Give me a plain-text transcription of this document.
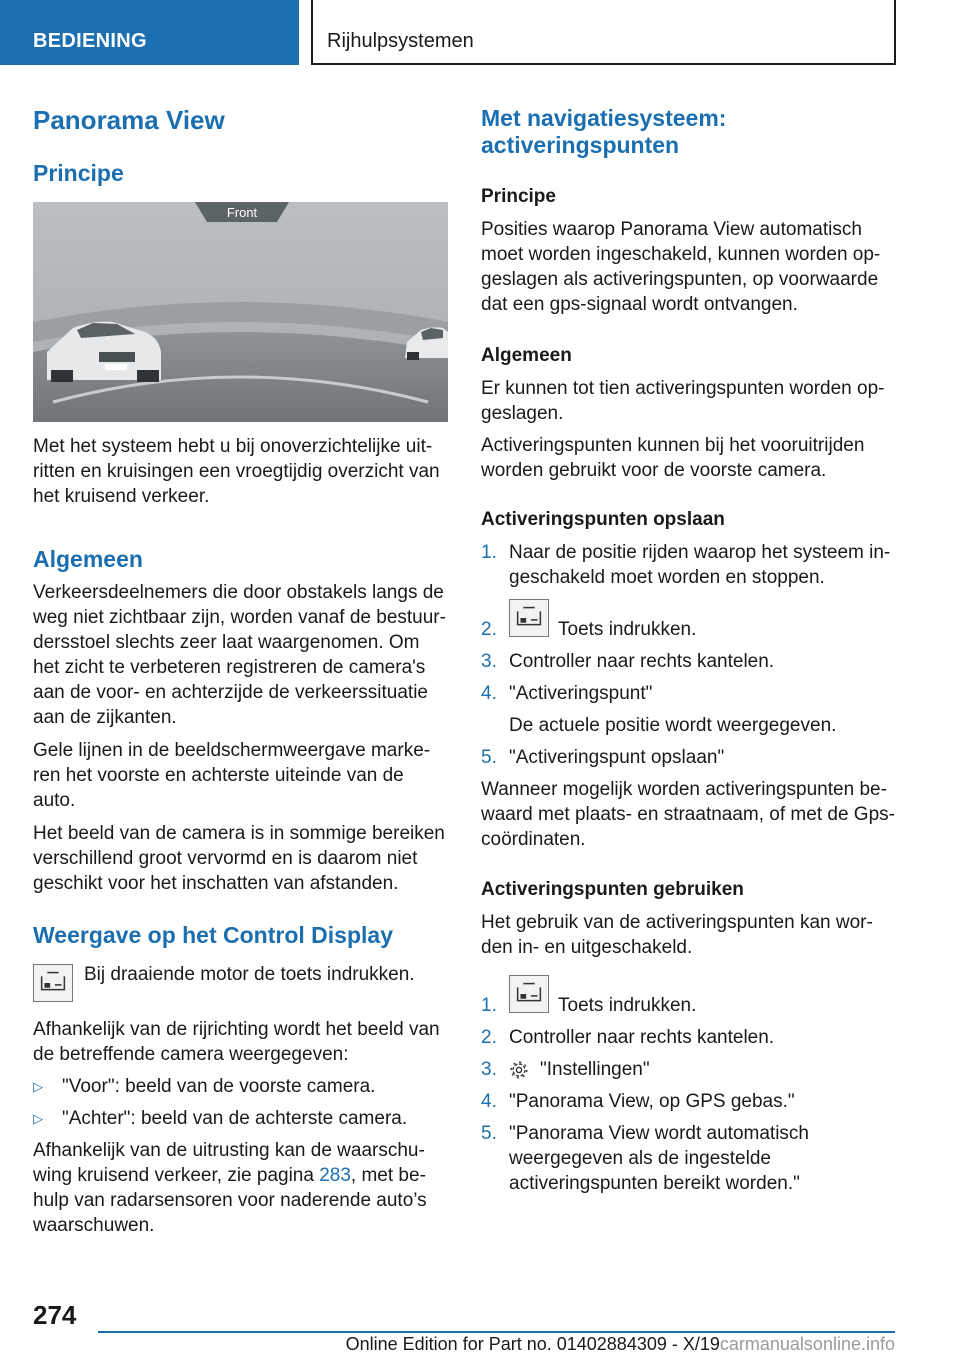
BEDIENING	Rijhulpsystemen
Panorama View
Principe
Front
Met het systeem hebt u bij onoverzichtelijke uit-
ritten en kruisingen een vroegtijdig overzicht van
het kruisend verkeer.
Algemeen
Verkeersdeelnemers die door obstakels langs de
weg niet zichtbaar zijn, worden vanaf de bestuur-
dersstoel slechts zeer laat waargenomen. Om
het zicht te verbeteren registreren de camera's
aan de voor- en achterzijde de verkeerssituatie
aan de zijkanten.
Gele lijnen in de beeldschermweergave marke-
ren het voorste en achterste uiteinde van de
auto.
Het beeld van de camera is in sommige bereiken
verschillend groot vervormd en is daarom niet
geschikt voor het inschatten van afstanden.
Weergave op het Control Display
Bij draaiende motor de toets indrukken.
Afhankelijk van de rijrichting wordt het beeld van
de betreffende camera weergegeven:
▷ "Voor": beeld van de voorste camera.
▷ "Achter": beeld van de achterste camera.
Afhankelijk van de uitrusting kan de waarschu-
wing kruisend verkeer, zie pagina 283, met be-
hulp van radarsensoren voor naderende auto’s
waarschuwen.
Met navigatiesysteem:
activeringspunten
Principe
Posities waarop Panorama View automatisch
moet worden ingeschakeld, kunnen worden op-
geslagen als activeringspunten, op voorwaarde
dat een gps-signaal wordt ontvangen.
Algemeen
Er kunnen tot tien activeringspunten worden op-
geslagen.
Activeringspunten kunnen bij het vooruitrijden
worden gebruikt voor de voorste camera.
Activeringspunten opslaan
1. Naar de positie rijden waarop het systeem in-
geschakeld moet worden en stoppen.
2.	Toets indrukken.
3. Controller naar rechts kantelen.
4. "Activeringspunt"
De actuele positie wordt weergegeven.
5. "Activeringspunt opslaan"
Wanneer mogelijk worden activeringspunten be-
waard met plaats- en straatnaam, of met de Gps-
coördinaten.
Activeringspunten gebruiken
Het gebruik van de activeringspunten kan wor-
den in- en uitgeschakeld.
1.	Toets indrukken.
2. Controller naar rechts kantelen.
3. "Instellingen"
4. "Panorama View, op GPS gebas."
5. "Panorama View wordt automatisch
weergegeven als de ingestelde
activeringspunten bereikt worden."
274
Online Edition for Part no. 01402884309 - X/19carmanualsonline.info
